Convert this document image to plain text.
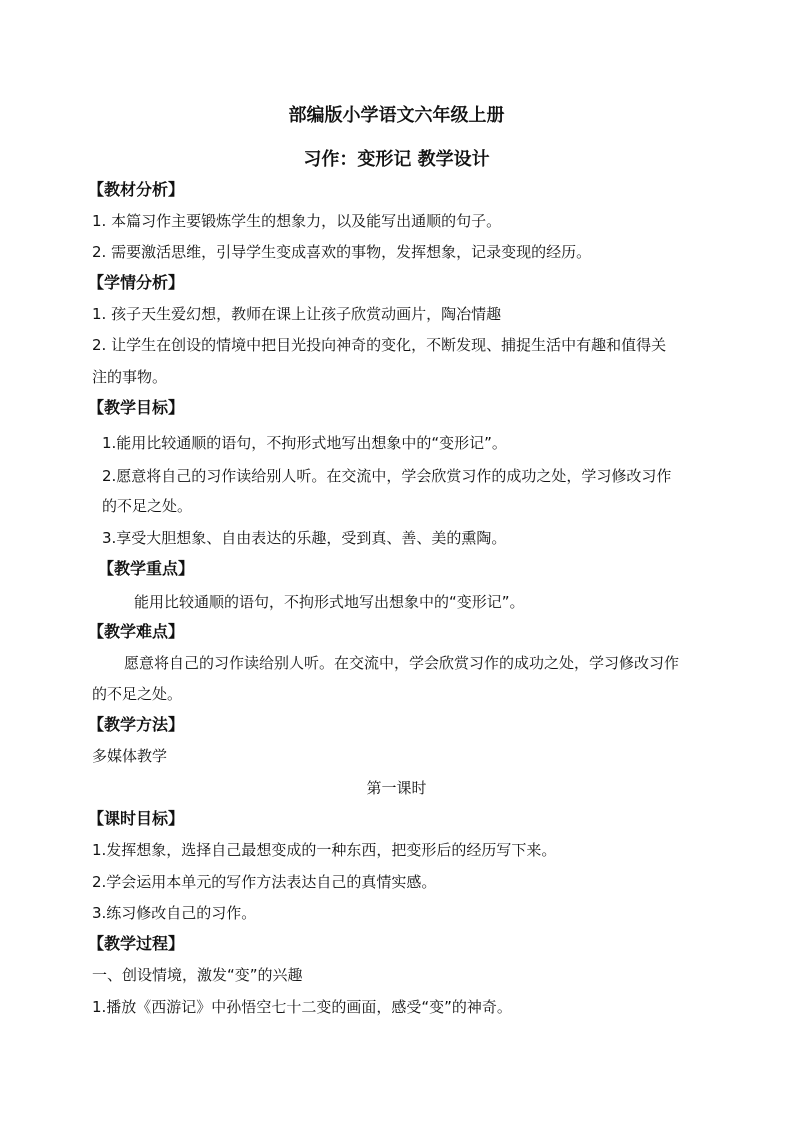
部编版小学语文六年级上册
习作：变形记 教学设计
【教材分析】
1. 本篇习作主要锻炼学生的想象力，以及能写出通顺的句子。
2. 需要激活思维，引导学生变成喜欢的事物，发挥想象，记录变现的经历。
【学情分析】
1. 孩子天生爱幻想，教师在课上让孩子欣赏动画片，陶冶情趣
2. 让学生在创设的情境中把目光投向神奇的变化，不断发现、捕捉生活中有趣和值得关
注的事物。
【教学目标】
1.能用比较通顺的语句，不拘形式地写出想象中的“变形记”。
2.愿意将自己的习作读给别人听。在交流中，学会欣赏习作的成功之处，学习修改习作
的不足之处。
3.享受大胆想象、自由表达的乐趣，受到真、善、美的熏陶。
【教学重点】
能用比较通顺的语句，不拘形式地写出想象中的“变形记”。
【教学难点】
愿意将自己的习作读给别人听。在交流中，学会欣赏习作的成功之处，学习修改习作
的不足之处。
【教学方法】
多媒体教学
第一课时
【课时目标】
1.发挥想象，选择自己最想变成的一种东西，把变形后的经历写下来。
2.学会运用本单元的写作方法表达自己的真情实感。
3.练习修改自己的习作。
【教学过程】
一、创设情境，激发“变”的兴趣
1.播放《西游记》中孙悟空七十二变的画面，感受“变”的神奇。
